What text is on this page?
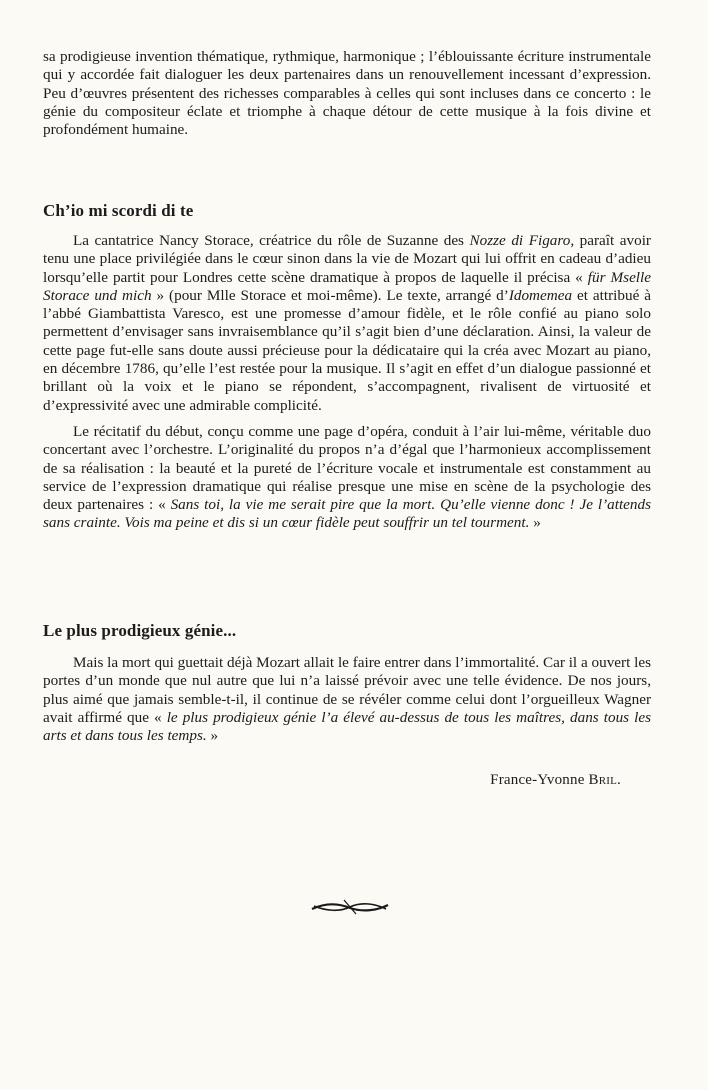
sa prodigieuse invention thématique, rythmique, harmonique ; l’éblouissante écriture instrumentale qui y accordée fait dialoguer les deux partenaires dans un renouvellement incessant d’expression. Peu d’œuvres présentent des richesses comparables à celles qui sont incluses dans ce concerto : le génie du compositeur éclate et triomphe à chaque détour de cette musique à la fois divine et profondément humaine.

Ch’io mi scordi di te

La cantatrice Nancy Storace, créatrice du rôle de Suzanne des Nozze di Figaro, paraît avoir tenu une place privilégiée dans le cœur sinon dans la vie de Mozart qui lui offrit en cadeau d’adieu lorsqu’elle partit pour Londres cette scène dramatique à propos de laquelle il précisa « für Mselle Storace und mich » (pour Mlle Storace et moi-même). Le texte, arrangé d’Idomemea et attribué à l’abbé Giambattista Varesco, est une promesse d’amour fidèle, et le rôle confié au piano solo permettent d’envisager sans invraisemblance qu’il s’agit bien d’une déclaration. Ainsi, la valeur de cette page fut-elle sans doute aussi précieuse pour la dédicataire qui la créa avec Mozart au piano, en décembre 1786, qu’elle l’est restée pour la musique. Il s’agit en effet d’un dialogue passionné et brillant où la voix et le piano se répondent, s’accompagnent, rivalisent de virtuosité et d’expressivité avec une admirable complicité.

Le récitatif du début, conçu comme une page d’opéra, conduit à l’air lui-même, véritable duo concertant avec l’orchestre. L’originalité du propos n’a d’égal que l’harmonieux accomplissement de sa réalisation : la beauté et la pureté de l’écriture vocale et instrumentale est constamment au service de l’expression dramatique qui réalise presque une mise en scène de la psychologie des deux partenaires : « Sans toi, la vie me serait pire que la mort. Qu’elle vienne donc ! Je l’attends sans crainte. Vois ma peine et dis si un cœur fidèle peut souffrir un tel tourment. »

Le plus prodigieux génie...

Mais la mort qui guettait déjà Mozart allait le faire entrer dans l’immortalité. Car il a ouvert les portes d’un monde que nul autre que lui n’a laissé prévoir avec une telle évidence. De nos jours, plus aimé que jamais semble-t-il, il continue de se révéler comme celui dont l’orgueilleux Wagner avait affirmé que « le plus prodigieux génie l’a élevé au-dessus de tous les maîtres, dans tous les arts et dans tous les temps. »

France-Yvonne Bril.
